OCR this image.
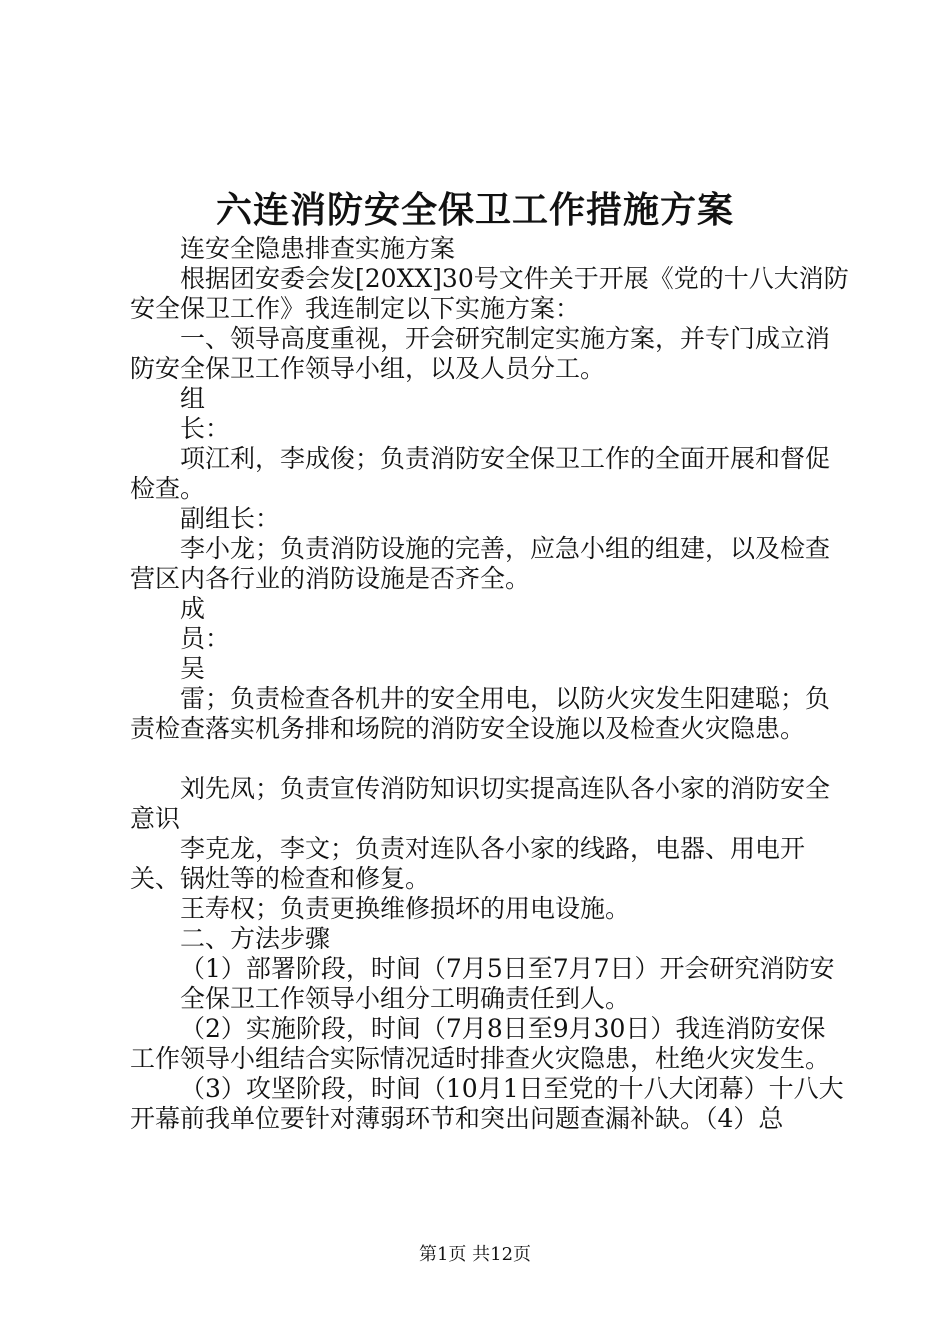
六连消防安全保卫工作措施方案

连安全隐患排查实施方案

根据团安委会发[20XX]30号文件关于开展《党的十八大消防安全保卫工作》我连制定以下实施方案：

一、领导高度重视，开会研究制定实施方案，并专门成立消防安全保卫工作领导小组，以及人员分工。

组

长：

项江利，李成俊；负责消防安全保卫工作的全面开展和督促检查。

副组长：

李小龙；负责消防设施的完善，应急小组的组建，以及检查营区内各行业的消防设施是否齐全。

成

员：

吴

雷；负责检查各机井的安全用电，以防火灾发生阳建聪；负责检查落实机务排和场院的消防安全设施以及检查火灾隐患。

刘先凤；负责宣传消防知识切实提高连队各小家的消防安全意识

李克龙，李文；负责对连队各小家的线路，电器、用电开关、锅灶等的检查和修复。

王寿权；负责更换维修损坏的用电设施。

二、方法步骤

（1）部署阶段，时间（7月5日至7月7日）开会研究消防安全保卫工作领导小组分工明确责任到人。

（2）实施阶段，时间（7月8日至9月30日）我连消防安保工作领导小组结合实际情况适时排查火灾隐患，杜绝火灾发生。

（3）攻坚阶段，时间（10月1日至党的十八大闭幕）十八大开幕前我单位要针对薄弱环节和突出问题查漏补缺。（4）总

第1页 共12页
